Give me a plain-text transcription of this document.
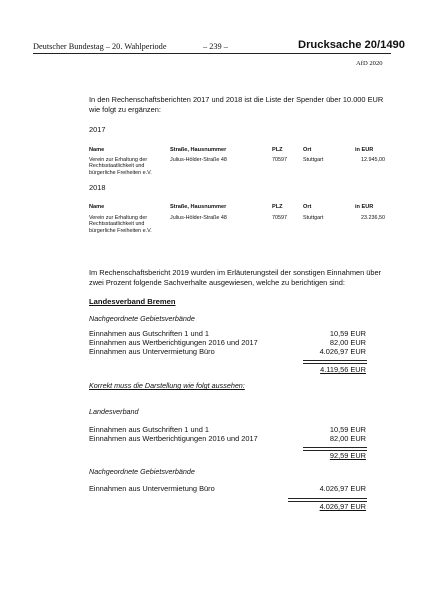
Deutscher Bundestag – 20. Wahlperiode	– 239 –	Drucksache 20/1490
AfD 2020
In den Rechenschaftsberichten 2017 und 2018 ist die Liste der Spender über 10.000 EUR wie folgt zu ergänzen:
2017
Name	Straße, Hausnummer	PLZ	Ort	in EUR
Verein zur Erhaltung der Rechtsstaatlichkeit und bürgerliche Freiheiten e.V.
Julius-Hölder-Straße 48	70597	Stuttgart	12.945,00
2018
Name	Straße, Hausnummer	PLZ	Ort	in EUR
Verein zur Erhaltung der Rechtsstaatlichkeit und bürgerliche Freiheiten e.V.
Julius-Hölder-Straße 48	70597	Stuttgart	23.236,50
Im Rechenschaftsbericht 2019 wurden im Erläuterungsteil der sonstigen Einnahmen über zwei Prozent folgende Sachverhalte ausgewiesen, welche zu berichtigen sind:
Landesverband Bremen
Nachgeordnete Gebietsverbände
Einnahmen aus Gutschriften 1 und 1	10,59 EUR
Einnahmen aus Wertberichtigungen 2016 und 2017	82,00 EUR
Einnahmen aus Untervermietung Büro	4.026,97 EUR
4.119,56 EUR
Korrekt muss die Darstellung wie folgt aussehen:
Landesverband
Einnahmen aus Gutschriften 1 und 1	10,59 EUR
Einnahmen aus Wertberichtigungen 2016 und 2017	82,00 EUR
92,59 EUR
Nachgeordnete Gebietsverbände
Einnahmen aus Untervermietung Büro	4.026,97 EUR
4.026,97 EUR
